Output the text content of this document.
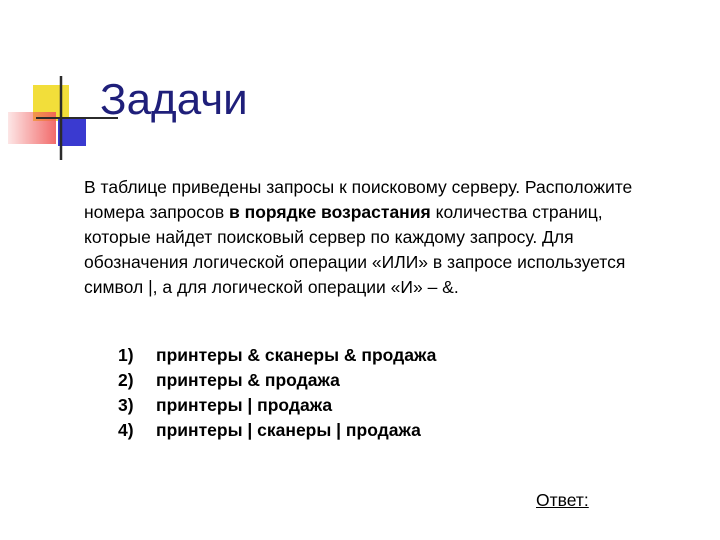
Задачи
В таблице приведены запросы к поисковому серверу. Расположите номера запросов в порядке возрастания количества страниц, которые найдет поисковый сервер по каждому запросу. Для обозначения логической операции «ИЛИ» в запросе используется символ |, а для логической операции «И» – &.
1)	принтеры & сканеры & продажа
2)	принтеры & продажа
3)	принтеры | продажа
4)	принтеры | сканеры | продажа
Ответ:
